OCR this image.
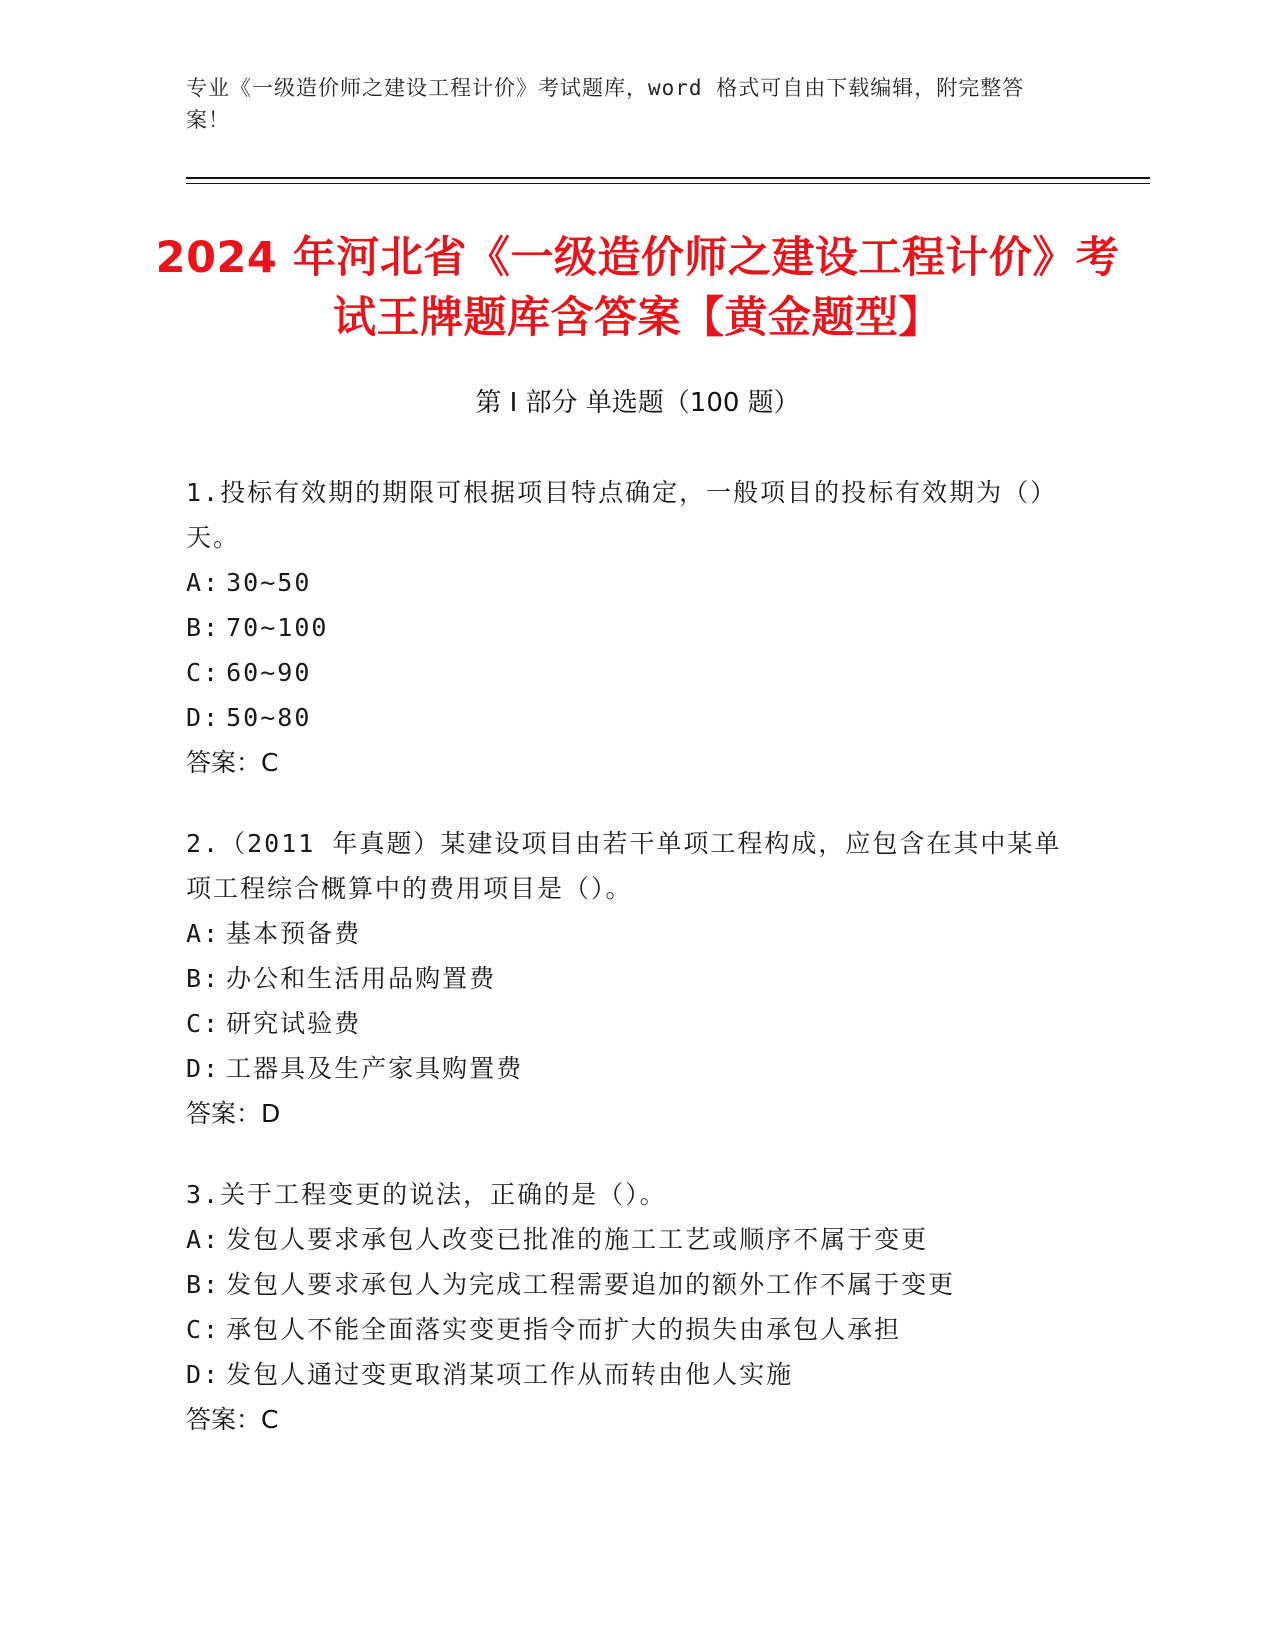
专业《一级造价师之建设工程计价》考试题库，word 格式可自由下载编辑，附完整答案！
2024 年河北省《一级造价师之建设工程计价》考试王牌题库含答案【黄金题型】
第 I 部分 单选题（100 题）
1.投标有效期的期限可根据项目特点确定，一般项目的投标有效期为（）天。
A: 30~50
B: 70~100
C: 60~90
D: 50~80
答案：C
2.（2011 年真题）某建设项目由若干单项工程构成，应包含在其中某单项工程综合概算中的费用项目是（）。
A: 基本预备费
B: 办公和生活用品购置费
C: 研究试验费
D: 工器具及生产家具购置费
答案：D
3.关于工程变更的说法，正确的是（）。
A: 发包人要求承包人改变已批准的施工工艺或顺序不属于变更
B: 发包人要求承包人为完成工程需要追加的额外工作不属于变更
C: 承包人不能全面落实变更指令而扩大的损失由承包人承担
D: 发包人通过变更取消某项工作从而转由他人实施
答案：C
